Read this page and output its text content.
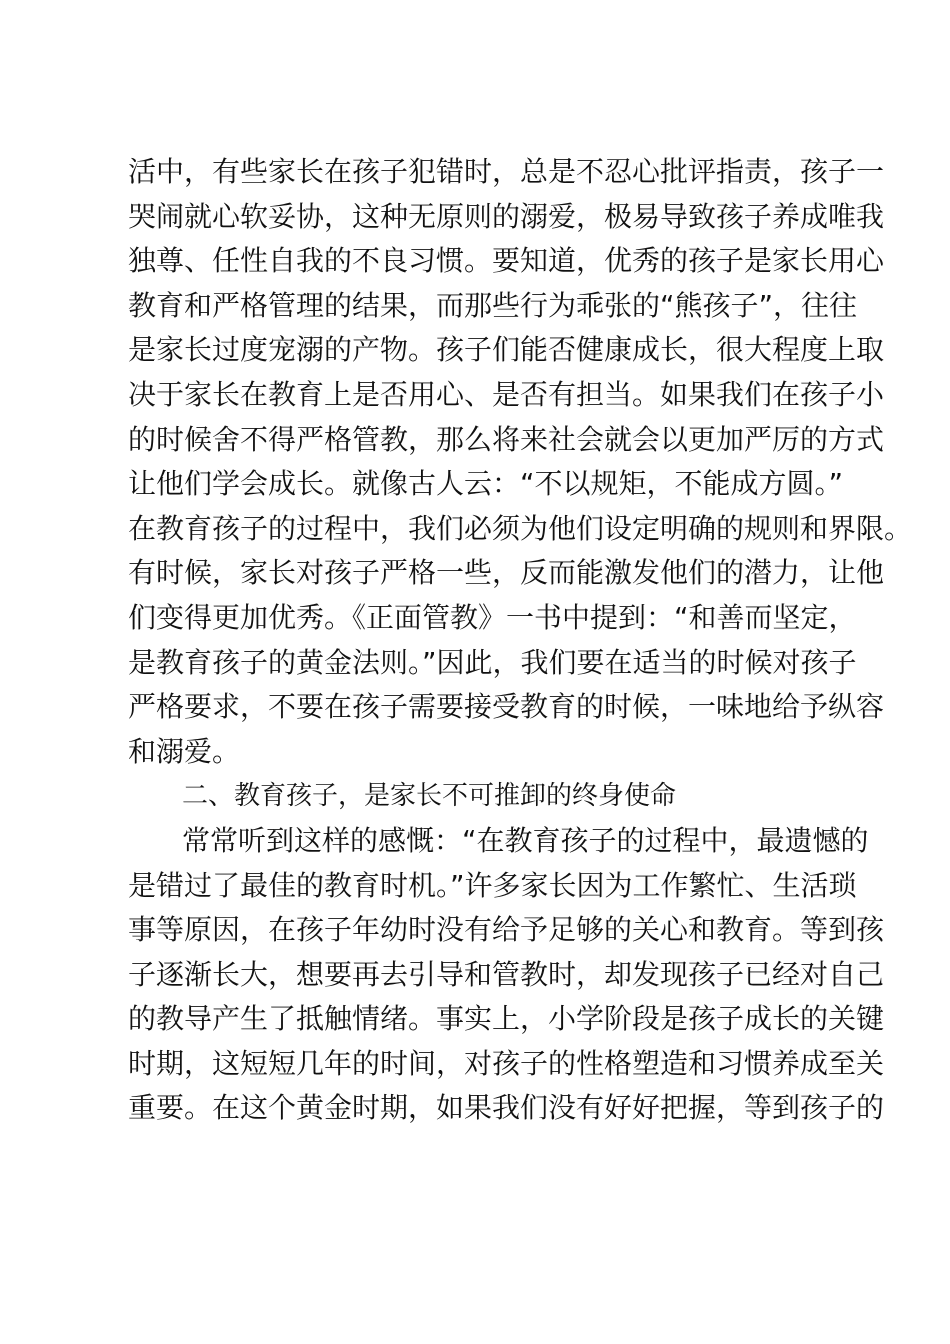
活中，有些家长在孩子犯错时，总是不忍心批评指责，孩子一
哭闹就心软妥协，这种无原则的溺爱，极易导致孩子养成唯我
独尊、任性自我的不良习惯。要知道，优秀的孩子是家长用心
教育和严格管理的结果，而那些行为乖张的“熊孩子”，往往
是家长过度宠溺的产物。孩子们能否健康成长，很大程度上取
决于家长在教育上是否用心、是否有担当。如果我们在孩子小
的时候舍不得严格管教，那么将来社会就会以更加严厉的方式
让他们学会成长。就像古人云：“不以规矩，不能成方圆。”
在教育孩子的过程中，我们必须为他们设定明确的规则和界限。
有时候，家长对孩子严格一些，反而能激发他们的潜力，让他
们变得更加优秀。《正面管教》一书中提到：“和善而坚定，
是教育孩子的黄金法则。”因此，我们要在适当的时候对孩子
严格要求，不要在孩子需要接受教育的时候，一味地给予纵容
和溺爱。
二、教育孩子，是家长不可推卸的终身使命
常常听到这样的感慨：“在教育孩子的过程中，最遗憾的
是错过了最佳的教育时机。”许多家长因为工作繁忙、生活琐
事等原因，在孩子年幼时没有给予足够的关心和教育。等到孩
子逐渐长大，想要再去引导和管教时，却发现孩子已经对自己
的教导产生了抵触情绪。事实上，小学阶段是孩子成长的关键
时期，这短短几年的时间，对孩子的性格塑造和习惯养成至关
重要。在这个黄金时期，如果我们没有好好把握，等到孩子的
